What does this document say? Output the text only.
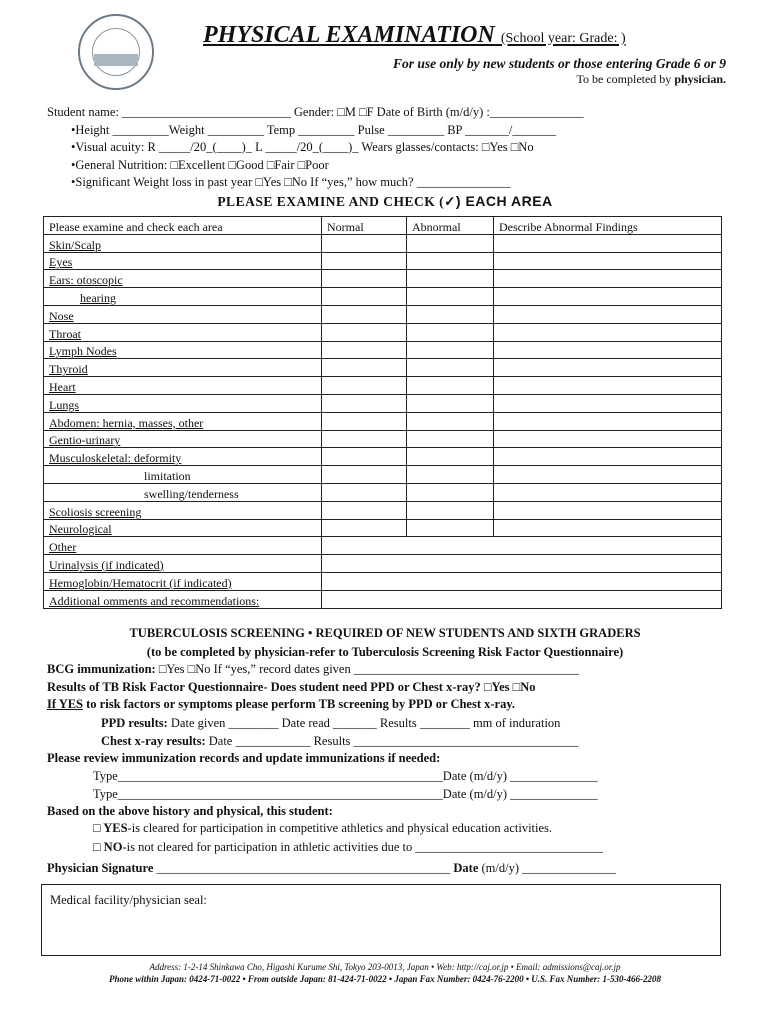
PHYSICAL EXAMINATION (School year: Grade: )
For use only by new students or those entering Grade 6 or 9
To be completed by physician.
Student name: ___________________________ Gender: □M □F Date of Birth (m/d/y) :_______________
•Height _________Weight _________ Temp _________ Pulse _________ BP _______/_______
•Visual acuity: R _____/20_(____)_ L _____/20_(____)_ Wears glasses/contacts: □Yes □No
•General Nutrition: □Excellent □Good □Fair □Poor
•Significant Weight loss in past year □Yes □No If “yes,” how much? _______________
PLEASE EXAMINE AND CHECK (✓) EACH AREA
Please examine and check each area	Normal	Abnormal	Describe Abnormal Findings
Skin/Scalp			
Eyes			
Ears: otoscopic			
hearing			
Nose			
Throat			
Lymph Nodes			
Thyroid			
Heart			
Lungs			
Abdomen: hernia, masses, other			
Gentio-urinary			
Musculoskeletal: deformity			
limitation			
swelling/tenderness			
Scoliosis screening			
Neurological			
Other			
Urinalysis (if indicated)			
Hemoglobin/Hematocrit (if indicated)			
Additional omments and recommendations:			
TUBERCULOSIS SCREENING • REQUIRED OF NEW STUDENTS AND SIXTH GRADERS
(to be completed by physician-refer to Tuberculosis Screening Risk Factor Questionnaire)
BCG immunization: □Yes □No If “yes,” record dates given ____________________________________
Results of TB Risk Factor Questionnaire- Does student need PPD or Chest x-ray? □Yes □No
If YES to risk factors or symptoms please perform TB screening by PPD or Chest x-ray.
PPD results: Date given ________ Date read _______ Results ________ mm of induration
Chest x-ray results: Date ____________ Results ____________________________________
Please review immunization records and update immunizations if needed:
Type____________________________________________________Date (m/d/y) ______________
Type____________________________________________________Date (m/d/y) ______________
Based on the above history and physical, this student:
□ YES-is cleared for participation in competitive athletics and physical education activities.
□ NO-is not cleared for participation in athletic activities due to ______________________________
Physician Signature _______________________________________________ Date (m/d/y) _______________
Medical facility/physician seal:
Address: 1-2-14 Shinkawa Cho, Higashi Kurume Shi, Tokyo 203-0013, Japan • Web: http://caj.or.jp • Email: admissions@caj.or.jp
Phone within Japan: 0424-71-0022 • From outside Japan: 81-424-71-0022 • Japan Fax Number: 0424-76-2200 • U.S. Fax Number: 1-530-466-2208
